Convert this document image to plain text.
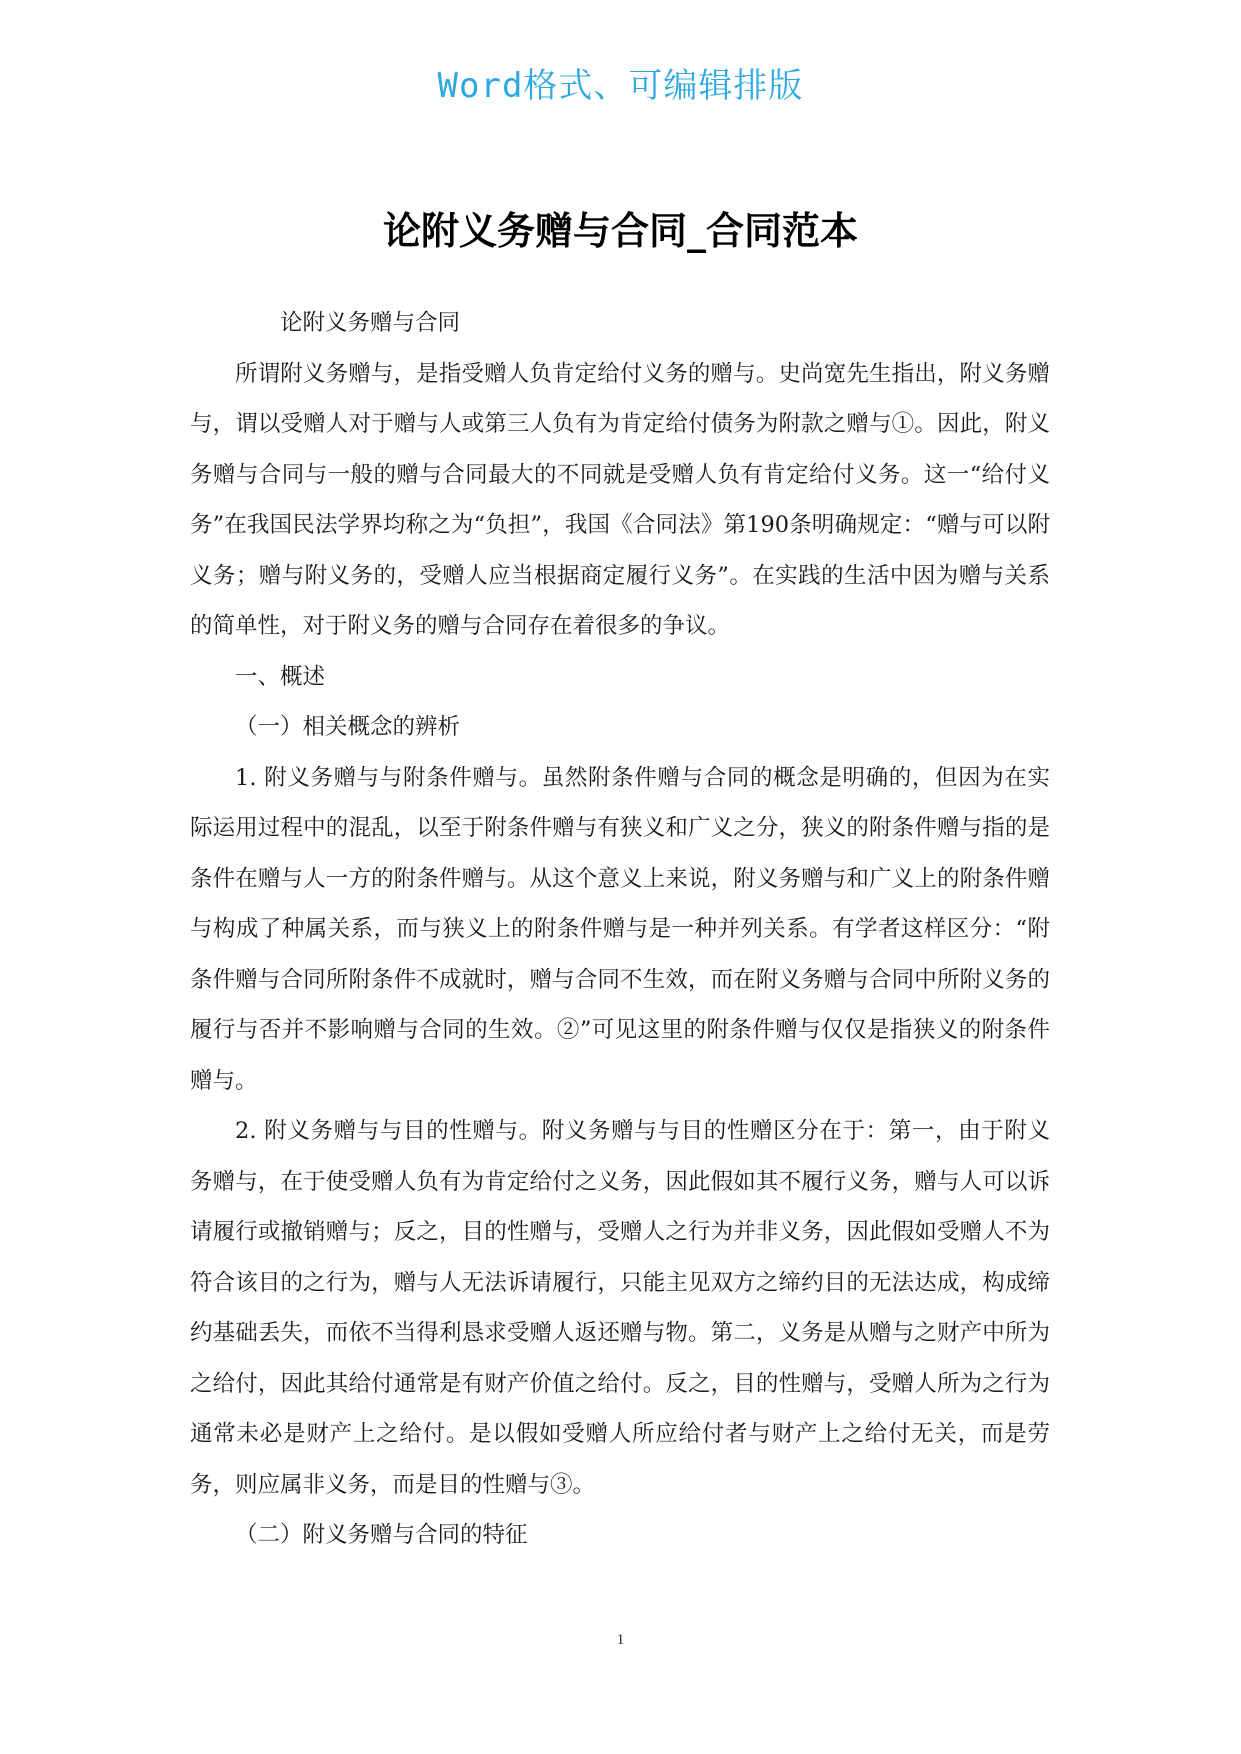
Word格式、可编辑排版
论附义务赠与合同_合同范本

论附义务赠与合同

所谓附义务赠与，是指受赠人负肯定给付义务的赠与。史尚宽先生指出，附义务赠与，谓以受赠人对于赠与人或第三人负有为肯定给付债务为附款之赠与①。因此，附义务赠与合同与一般的赠与合同最大的不同就是受赠人负有肯定给付义务。这一“给付义务”在我国民法学界均称之为“负担”，我国《合同法》第190条明确规定：“赠与可以附义务；赠与附义务的，受赠人应当根据商定履行义务”。在实践的生活中因为赠与关系的简单性，对于附义务的赠与合同存在着很多的争议。

一、概述

（一）相关概念的辨析

1. 附义务赠与与附条件赠与。虽然附条件赠与合同的概念是明确的，但因为在实际运用过程中的混乱，以至于附条件赠与有狭义和广义之分，狭义的附条件赠与指的是条件在赠与人一方的附条件赠与。从这个意义上来说，附义务赠与和广义上的附条件赠与构成了种属关系，而与狭义上的附条件赠与是一种并列关系。有学者这样区分：“附条件赠与合同所附条件不成就时，赠与合同不生效，而在附义务赠与合同中所附义务的履行与否并不影响赠与合同的生效。②”可见这里的附条件赠与仅仅是指狭义的附条件赠与。

2. 附义务赠与与目的性赠与。附义务赠与与目的性赠区分在于：第一，由于附义务赠与，在于使受赠人负有为肯定给付之义务，因此假如其不履行义务，赠与人可以诉请履行或撤销赠与；反之，目的性赠与，受赠人之行为并非义务，因此假如受赠人不为符合该目的之行为，赠与人无法诉请履行，只能主见双方之缔约目的无法达成，构成缔约基础丢失，而依不当得利恳求受赠人返还赠与物。第二，义务是从赠与之财产中所为之给付，因此其给付通常是有财产价值之给付。反之，目的性赠与，受赠人所为之行为通常未必是财产上之给付。是以假如受赠人所应给付者与财产上之给付无关，而是劳务，则应属非义务，而是目的性赠与③。

（二）附义务赠与合同的特征

1
